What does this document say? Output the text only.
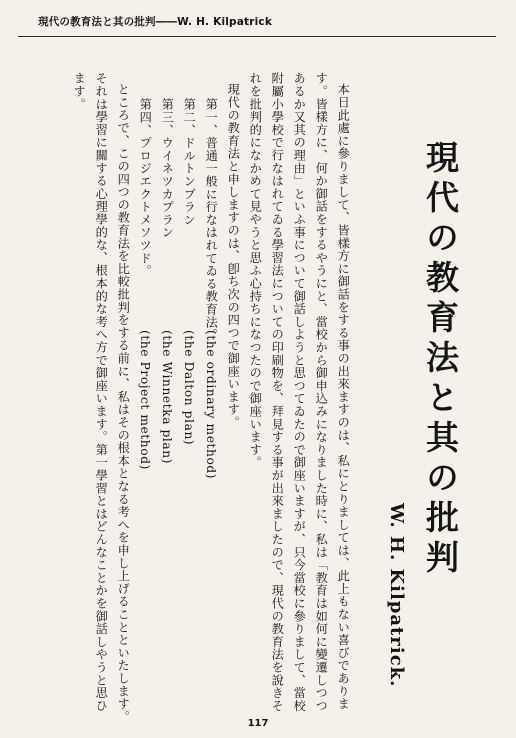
現代の教育法と其の批判――W. H. Kilpatrick
現代の教育法と其の批判
W. H. Kilpatrick.
本日此處に參りまして、皆樣方に御話をする事の出來ますのは、私にとりましては、此上もない喜びでありま
す。皆樣方に、何か御話をするやうにと、當校から御申込みになりました時に、私は「教育は如何に變遷しつつ
あるか又其の理由」といふ事について御話しようと思つてゐたので御座いますが、只今當校に參りまして、當校
附屬小學校で行なはれてゐる學習法についての印刷物を、拜見する事が出來ましたので、現代の教育法を說きそ
れを批判的になかめて見やうと思ふ心持ちになつたので御座います。
現代の教育法と申しますのは、卽ち次の四つで御座います。
第一、普通一般に行なはれてゐる教育法。
(the ordinary method)
第二、ドルトンプラン
(the Dalton plan)
第三、ウイネツカプラン
(the Winnetka plan)
第四、プロジエクトメソツド。
(the Project method)
ところで、この四つの教育法を比較批判をする前に、私はその根本となる考へを申し上げることといたします。
それは學習に關する心理學的な、根本的な考へ方で御座います。第一學習とはどんなことかを御話しやうと思ひ
ます。
117
